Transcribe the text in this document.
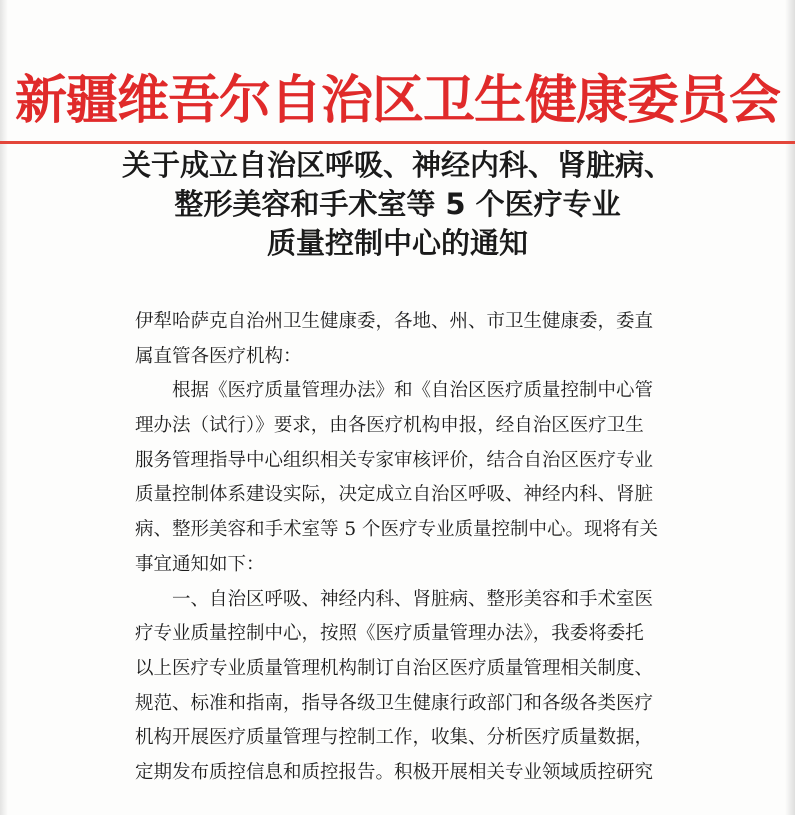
新疆维吾尔自治区卫生健康委员会
关于成立自治区呼吸、神经内科、肾脏病、
整形美容和手术室等 5 个医疗专业
质量控制中心的通知
伊犁哈萨克自治州卫生健康委，各地、州、市卫生健康委，委直
属直管各医疗机构：
根据《医疗质量管理办法》和《自治区医疗质量控制中心管
理办法（试行）》要求，由各医疗机构申报，经自治区医疗卫生
服务管理指导中心组织相关专家审核评价，结合自治区医疗专业
质量控制体系建设实际，决定成立自治区呼吸、神经内科、肾脏
病、整形美容和手术室等 5 个医疗专业质量控制中心。现将有关
事宜通知如下：
一、自治区呼吸、神经内科、肾脏病、整形美容和手术室医
疗专业质量控制中心，按照《医疗质量管理办法》，我委将委托
以上医疗专业质量管理机构制订自治区医疗质量管理相关制度、
规范、标准和指南，指导各级卫生健康行政部门和各级各类医疗
机构开展医疗质量管理与控制工作，收集、分析医疗质量数据，
定期发布质控信息和质控报告。积极开展相关专业领域质控研究
